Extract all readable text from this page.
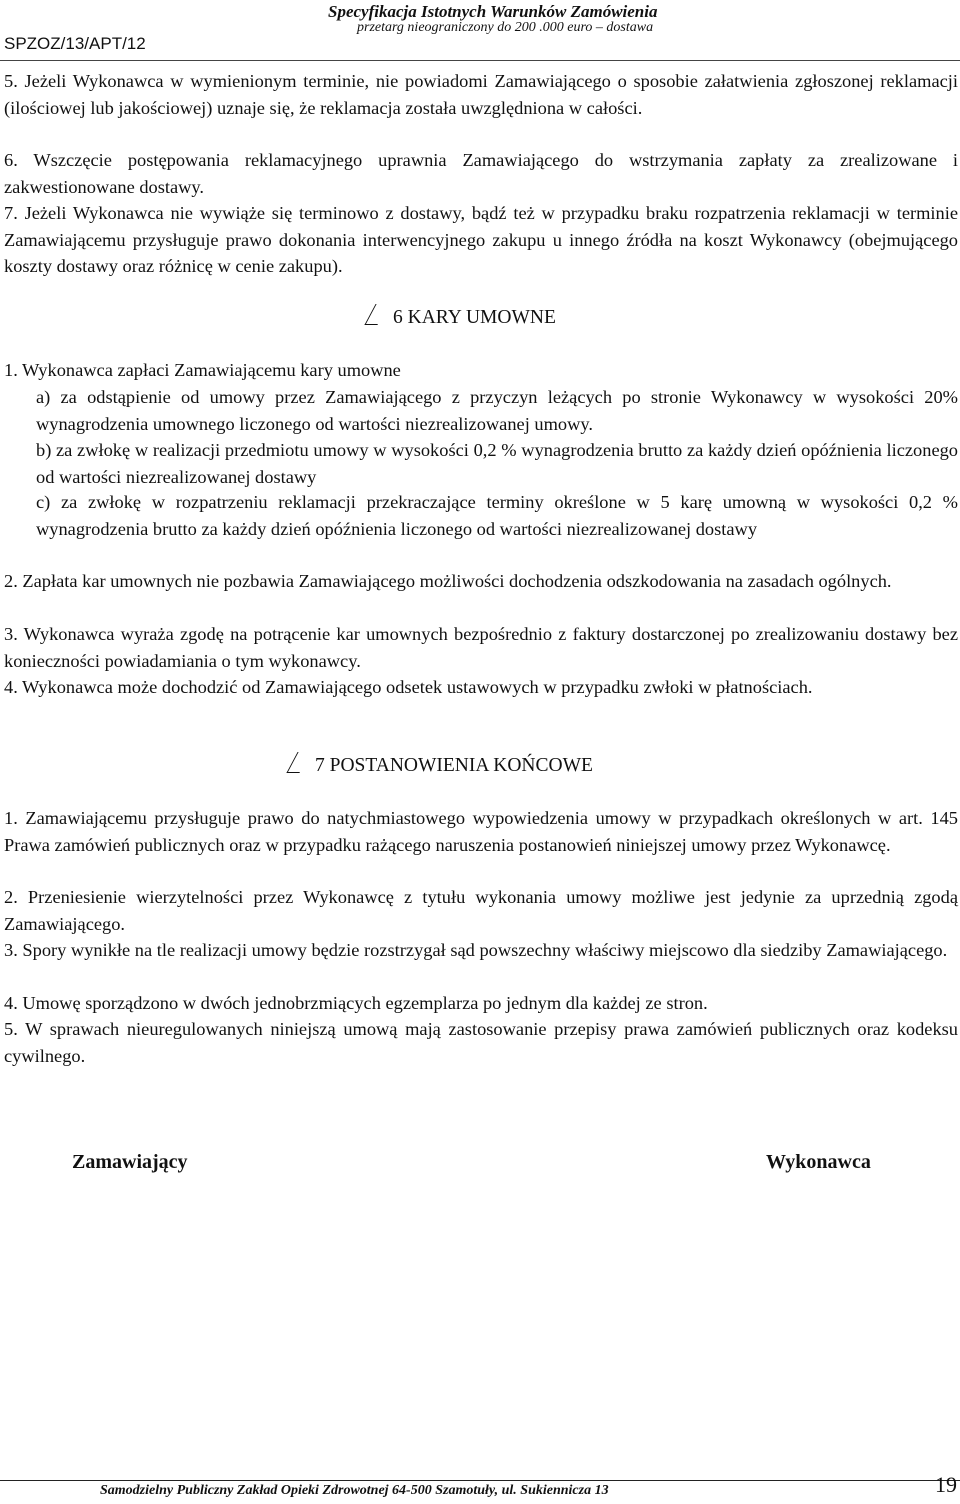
SPZOZ/13/APT/12
Specyfikacja Istotnych Warunków Zamówienia
przetarg nieograniczony do 200 .000 euro – dostawa
5. Jeżeli Wykonawca w wymienionym terminie, nie powiadomi Zamawiającego o sposobie załatwienia zgłoszonej reklamacji (ilościowej lub jakościowej) uznaje się, że reklamacja została uwzględniona w całości.
6. Wszczęcie postępowania reklamacyjnego uprawnia Zamawiającego do wstrzymania zapłaty za zrealizowane i zakwestionowane dostawy.
7. Jeżeli Wykonawca nie wywiąże się terminowo z dostawy, bądź też w przypadku braku rozpatrzenia reklamacji w terminie Zamawiającemu przysługuje prawo dokonania interwencyjnego zakupu u innego źródła na koszt Wykonawcy (obejmującego koszty dostawy oraz różnicę w cenie zakupu).
6 KARY UMOWNE
1. Wykonawca zapłaci Zamawiającemu kary umowne
a) za odstąpienie od umowy przez Zamawiającego z przyczyn leżących po stronie Wykonawcy w wysokości 20% wynagrodzenia umownego liczonego od wartości niezrealizowanej umowy.
b) za zwłokę w realizacji przedmiotu umowy w wysokości 0,2 % wynagrodzenia brutto za każdy dzień opóźnienia liczonego od wartości niezrealizowanej dostawy
c) za zwłokę w rozpatrzeniu reklamacji przekraczające terminy określone w 5 karę umowną w wysokości 0,2 % wynagrodzenia brutto za każdy dzień opóźnienia liczonego od wartości niezrealizowanej dostawy
2. Zapłata kar umownych nie pozbawia Zamawiającego możliwości dochodzenia odszkodowania na zasadach ogólnych.
3. Wykonawca wyraża zgodę na potrącenie kar umownych bezpośrednio z faktury dostarczonej po zrealizowaniu dostawy bez konieczności powiadamiania o tym wykonawcy.
4. Wykonawca może dochodzić od Zamawiającego odsetek ustawowych w przypadku zwłoki w płatnościach.
7 POSTANOWIENIA KOŃCOWE
1. Zamawiającemu przysługuje prawo do natychmiastowego wypowiedzenia umowy w przypadkach określonych w art. 145 Prawa zamówień publicznych oraz w przypadku rażącego naruszenia postanowień niniejszej umowy przez Wykonawcę.
2. Przeniesienie wierzytelności przez Wykonawcę z tytułu wykonania umowy możliwe jest jedynie za uprzednią zgodą Zamawiającego.
3. Spory wynikłe na tle realizacji umowy będzie rozstrzygał sąd powszechny właściwy miejscowo dla siedziby Zamawiającego.
4. Umowę sporządzono w dwóch jednobrzmiących egzemplarza po jednym dla każdej ze stron.
5. W sprawach nieuregulowanych niniejszą umową mają zastosowanie przepisy prawa zamówień publicznych oraz kodeksu cywilnego.
Zamawiający	Wykonawca
Samodzielny Publiczny Zakład Opieki Zdrowotnej 64-500 Szamotuły, ul. Sukiennicza 13	19
